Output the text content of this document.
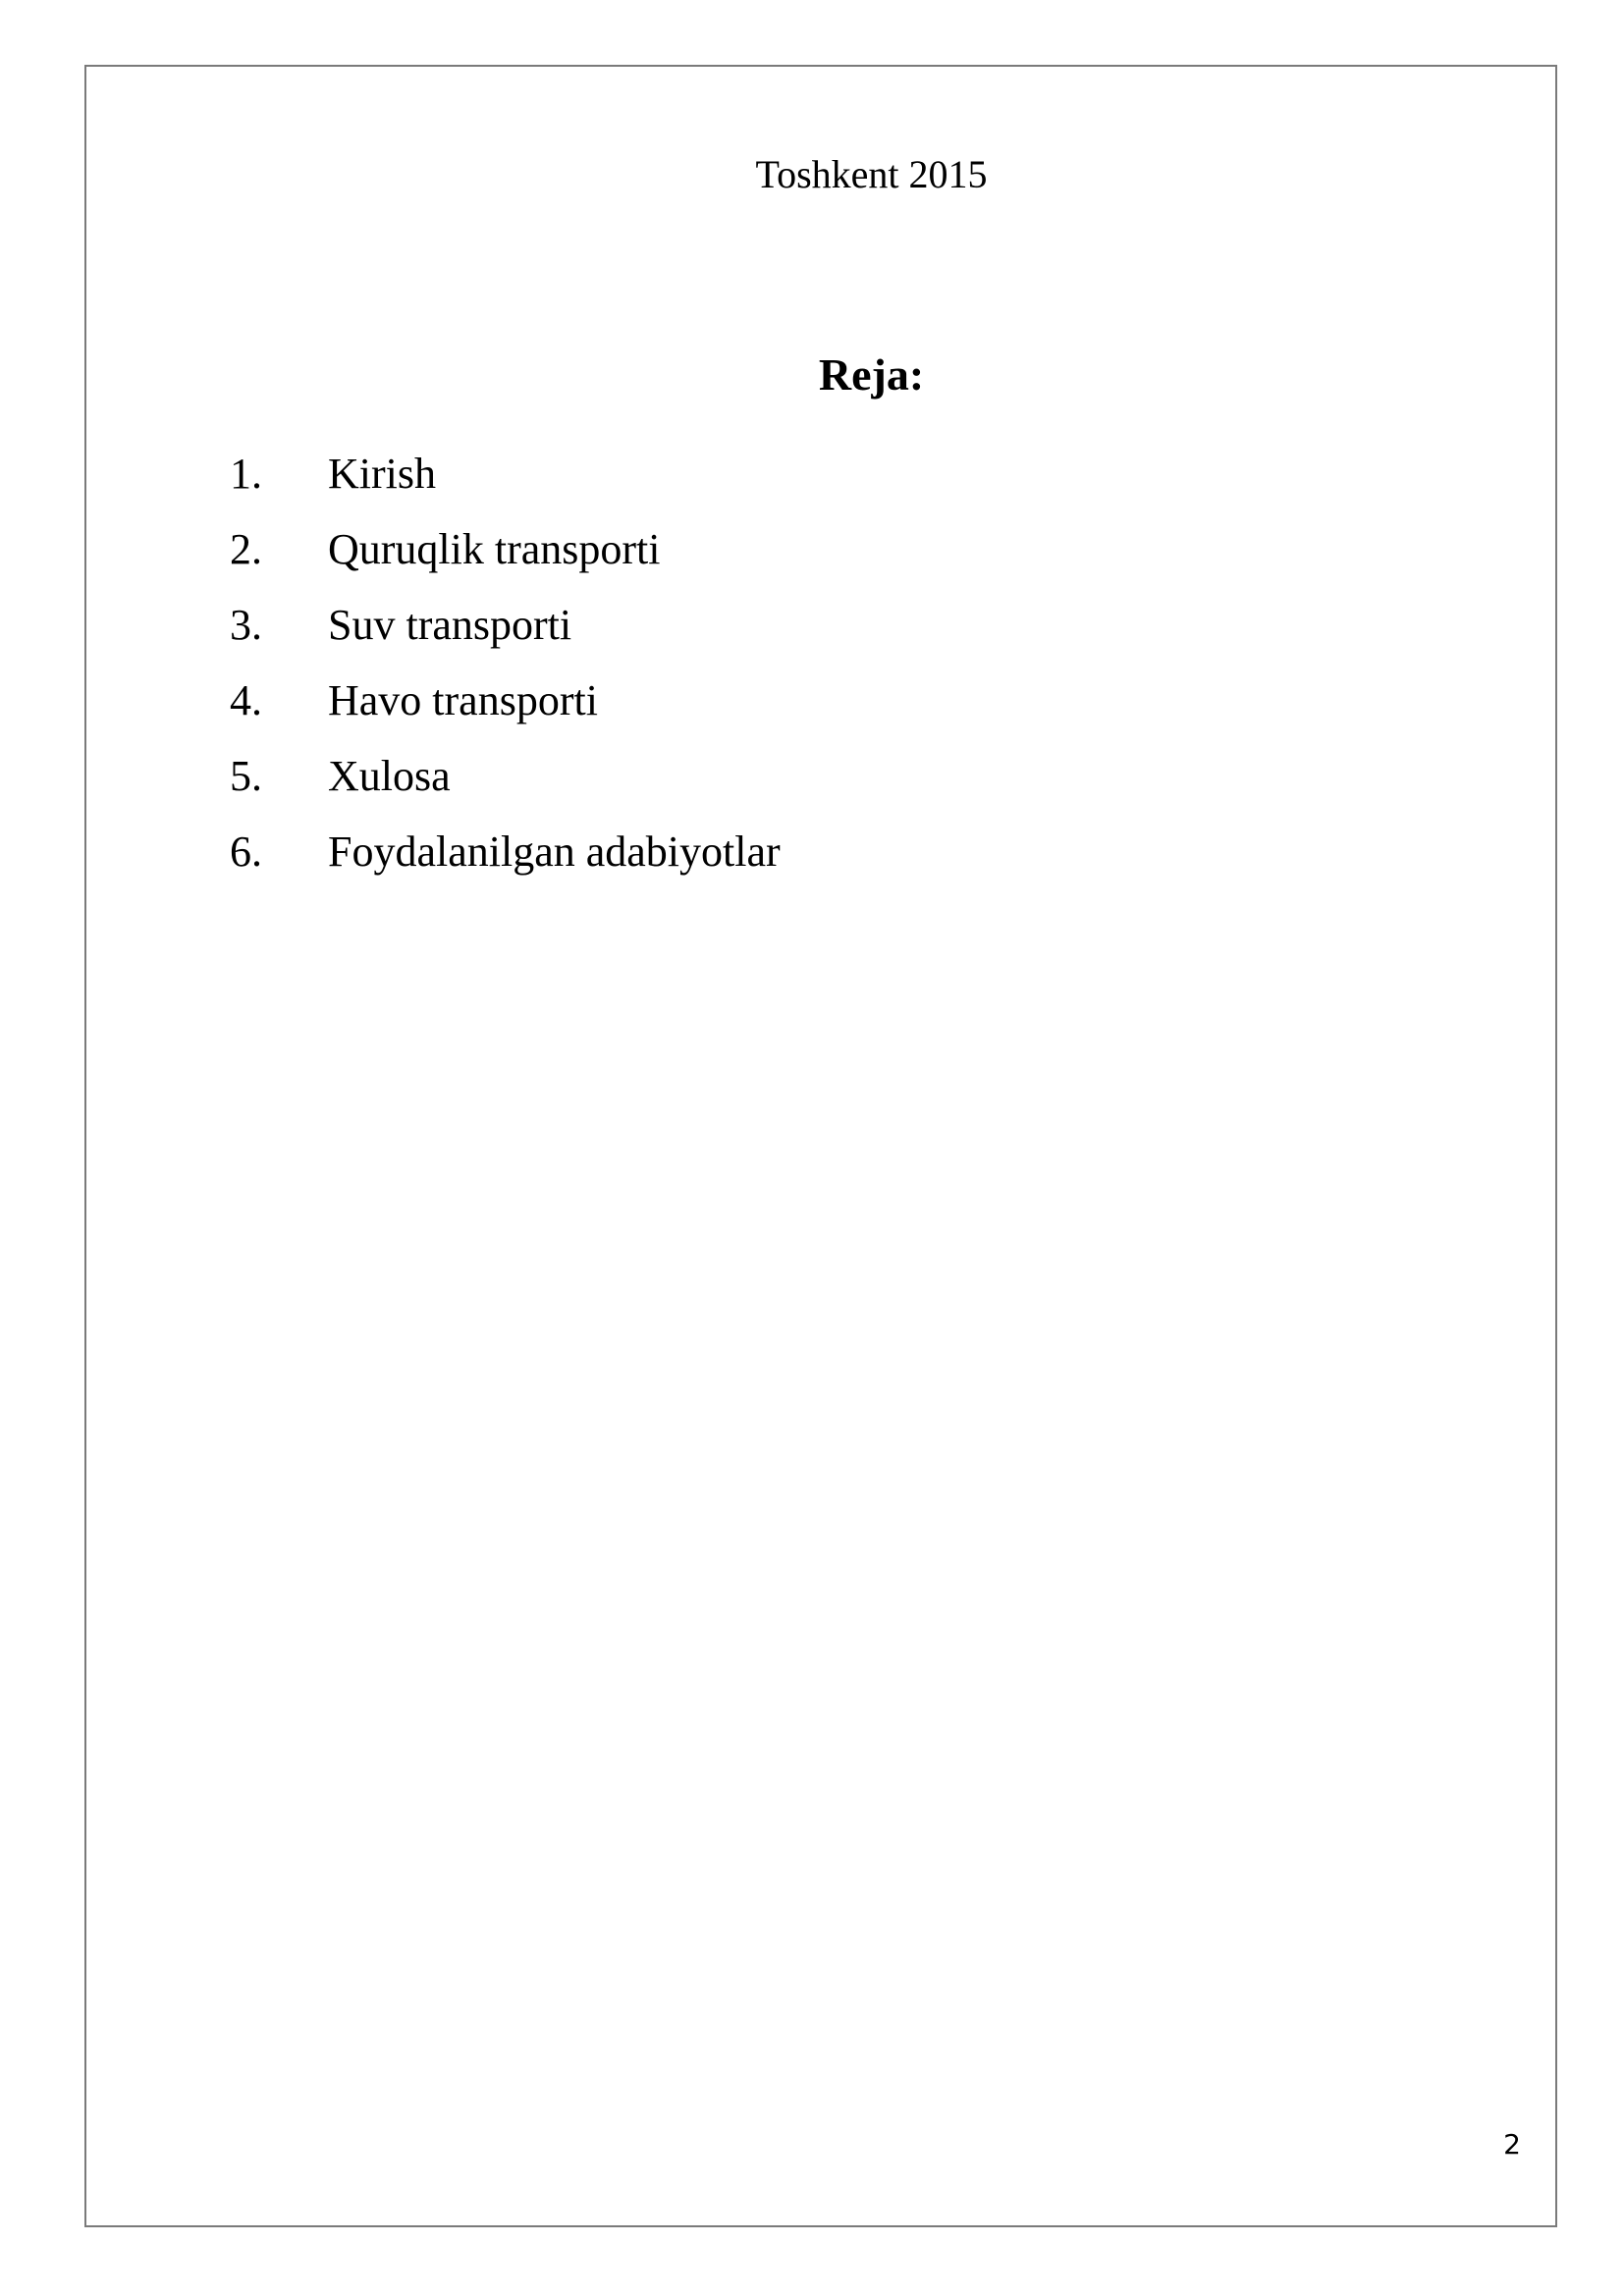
Toshkent 2015
Reja:
1. Kirish
2. Quruqlik transporti
3. Suv transporti
4. Havo transporti
5. Xulosa
6. Foydalanilgan adabiyotlar
2
